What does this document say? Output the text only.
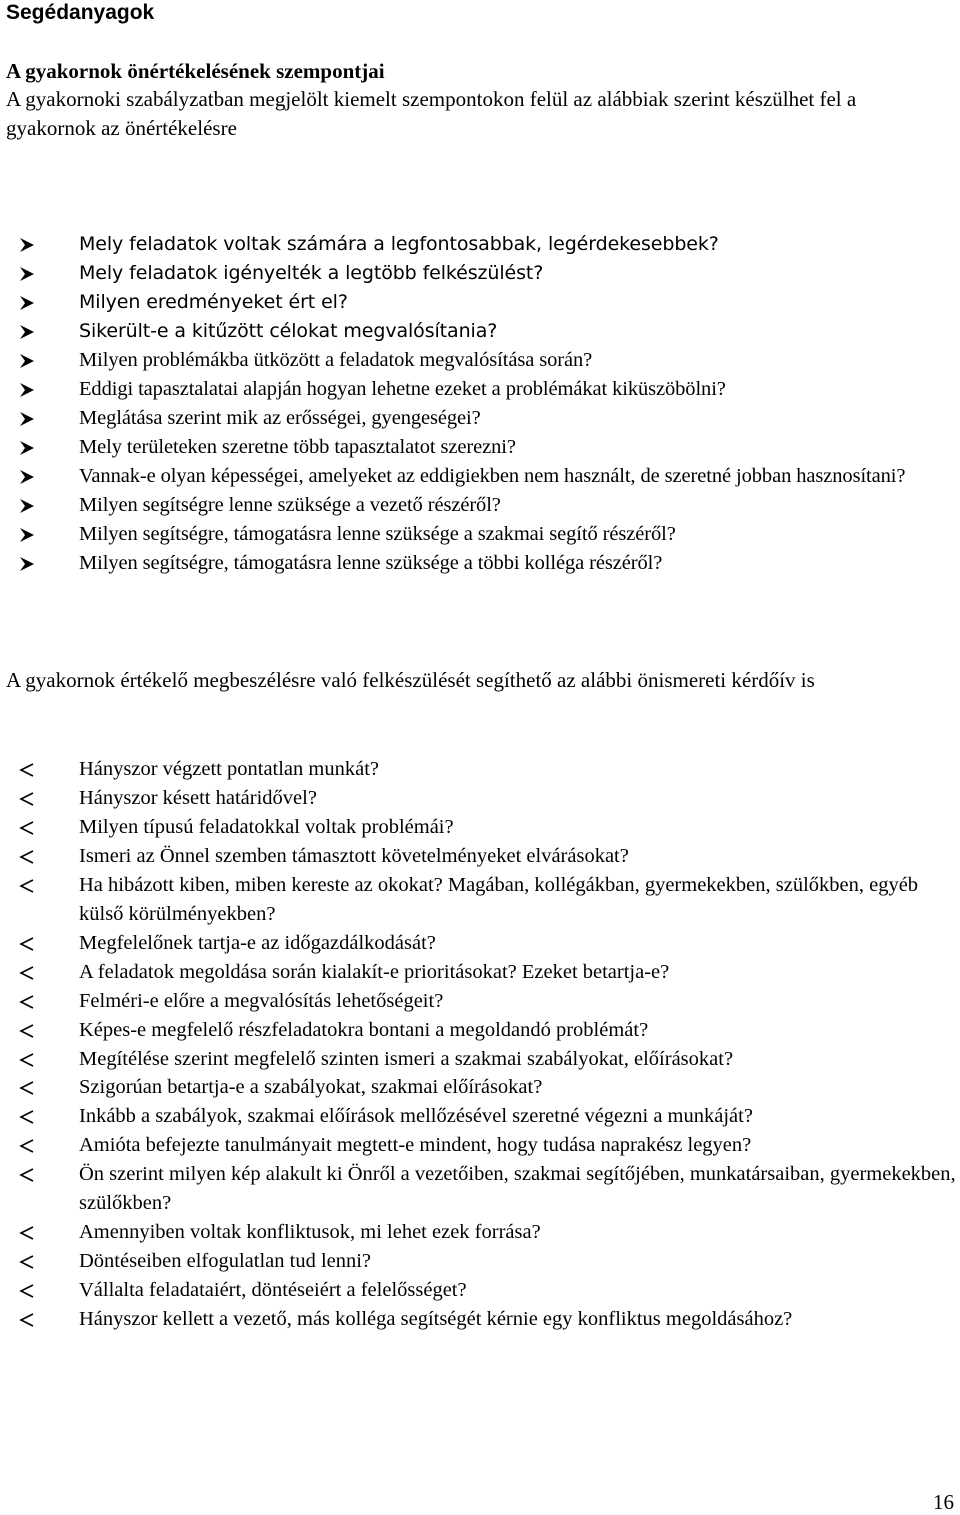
Segédanyagok
A gyakornok önértékelésének szempontjai
A gyakornoki szabályzatban megjelölt kiemelt szempontokon felül az alábbiak szerint készülhet fel a gyakornok az önértékelésre
Mely feladatok voltak számára a legfontosabbak, legérdekesebbek?
Mely feladatok igényelték a legtöbb felkészülést?
Milyen eredményeket ért el?
Sikerült-e a kitűzött célokat megvalósítania?
Milyen problémákba ütközött a feladatok megvalósítása során?
Eddigi tapasztalatai alapján hogyan lehetne ezeket a problémákat kiküszöbölni?
Meglátása szerint mik az erősségei, gyengeségei?
Mely területeken szeretne több tapasztalatot szerezni?
Vannak-e olyan képességei, amelyeket az eddigiekben nem használt, de szeretné jobban hasznosítani?
Milyen segítségre lenne szüksége a vezető részéről?
Milyen segítségre, támogatásra lenne szüksége a szakmai segítő részéről?
Milyen segítségre, támogatásra lenne szüksége a többi kolléga részéről?
A gyakornok értékelő megbeszélésre való felkészülését segíthető az alábbi önismereti kérdőív is
Hányszor végzett pontatlan munkát?
Hányszor késett határidővel?
Milyen típusú feladatokkal voltak problémái?
Ismeri az Önnel szemben támasztott követelményeket elvárásokat?
Ha hibázott kiben, miben kereste az okokat? Magában, kollégákban, gyermekekben, szülőkben, egyéb külső körülményekben?
Megfelelőnek tartja-e az időgazdálkodását?
A feladatok megoldása során kialakít-e prioritásokat? Ezeket betartja-e?
Felméri-e előre a megvalósítás lehetőségeit?
Képes-e megfelelő részfeladatokra bontani a megoldandó problémát?
Megítélése szerint megfelelő szinten ismeri a szakmai szabályokat, előírásokat?
Szigorúan betartja-e a szabályokat, szakmai előírásokat?
Inkább a szabályok, szakmai előírások mellőzésével szeretné végezni a munkáját?
Amióta befejezte tanulmányait megtett-e mindent, hogy tudása naprakész legyen?
Ön szerint milyen kép alakult ki Önről a vezetőiben, szakmai segítőjében, munkatársaiban, gyermekekben, szülőkben?
Amennyiben voltak konfliktusok, mi lehet ezek forrása?
Döntéseiben elfogulatlan tud lenni?
Vállalta feladataiért, döntéseiért a felelősséget?
Hányszor kellett a vezető, más kolléga segítségét kérnie egy konfliktus megoldásához?
16
